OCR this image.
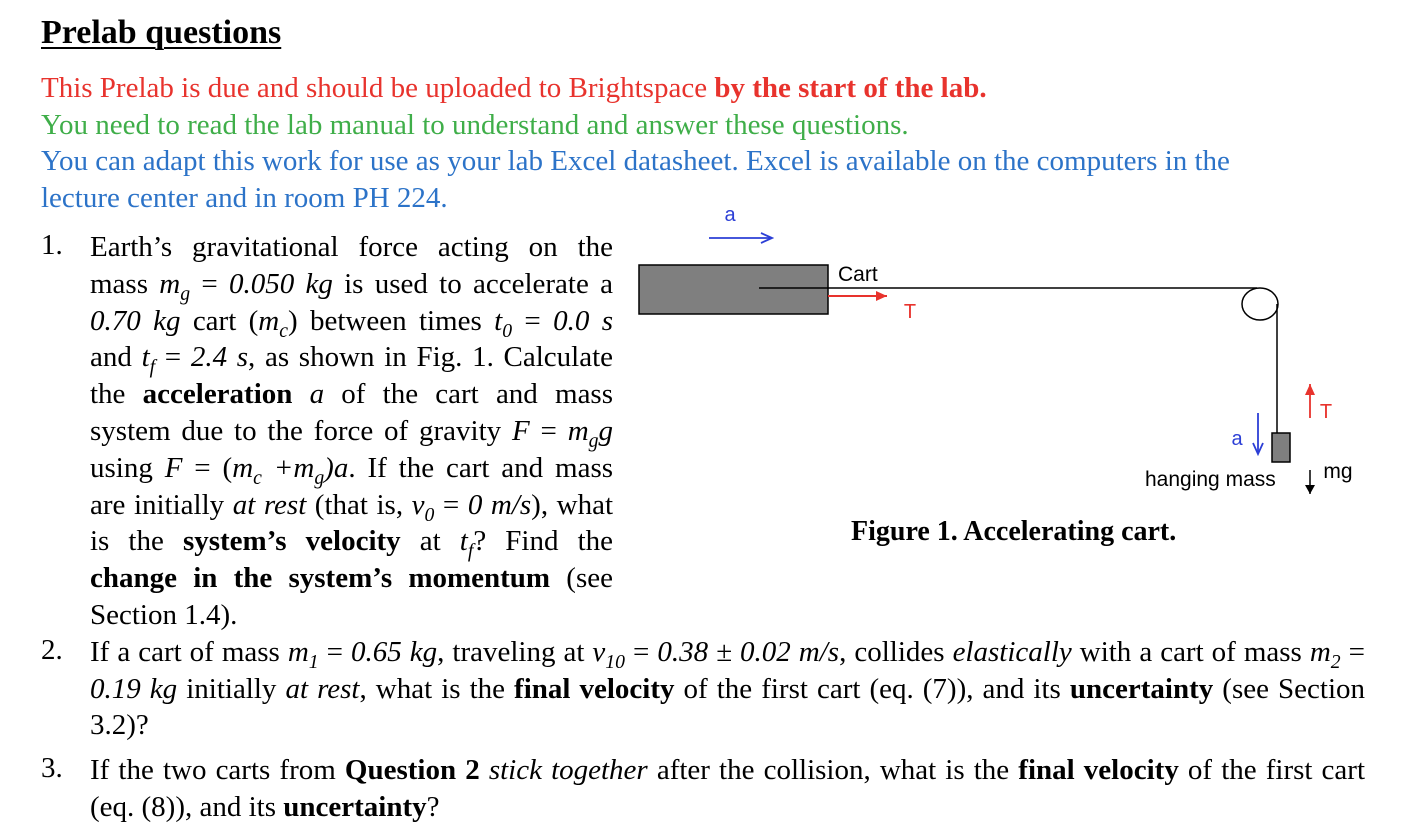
Prelab questions
This Prelab is due and should be uploaded to Brightspace by the start of the lab.
You need to read the lab manual to understand and answer these questions.
You can adapt this work for use as your lab Excel datasheet. Excel is available on the computers in the
lecture center and in room PH 224.
1. Earth’s gravitational force acting on the mass $m_g = 0.050$ kg is used to accelerate a 0.70 kg cart $(m_c)$ between times $t_0 = 0.0$ s and $t_f = 2.4$ s, as shown in Fig. 1. Calculate the acceleration a of the cart and mass system due to the force of gravity $F = m_gg$ using $F = (m_c +m_g)a$. If the cart and mass are initially at rest (that is, $v_0 = 0$ m/s), what is the system’s velocity at $t_f$? Find the change in the system’s momentum (see Section 1.4).

2. If a cart of mass $m_1 = 0.65$ kg, traveling at $v_{10} = 0.38 \pm 0.02$ m/s, collides elastically with a cart of mass $m_2 = 0.19$ kg initially at rest, what is the final velocity of the first cart (eq. (7)), and its uncertainty (see Section 3.2)?

3. If the two carts from Question 2 stick together after the collision, what is the final velocity of the first cart (eq. (8)), and its uncertainty?

a
Cart
T
T
a
mg
hanging mass
Figure 1. Accelerating cart.
